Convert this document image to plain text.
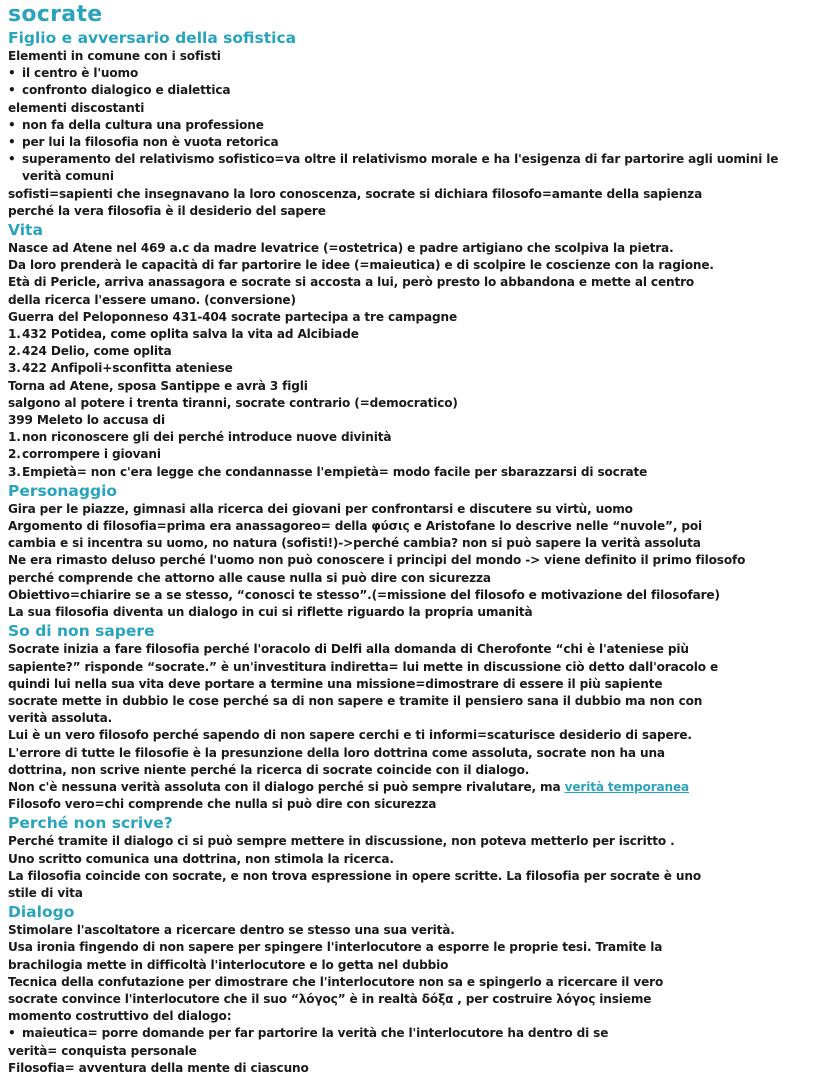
socrate
Figlio e avversario della sofistica
Elementi in comune con i sofisti
• il centro è l'uomo
• confronto dialogico e dialettica
elementi discostanti
• non fa della cultura una professione
• per lui la filosofia non è vuota retorica
• superamento del relativismo sofistico=va oltre il relativismo morale e ha l'esigenza di far partorire agli uomini le verità comuni
sofisti=sapienti che insegnavano la loro conoscenza, socrate si dichiara filosofo=amante della sapienza
perché la vera filosofia è il desiderio del sapere
Vita
Nasce ad Atene nel 469 a.c da madre levatrice (=ostetrica) e padre artigiano che scolpiva la pietra.
Da loro prenderà le capacità di far partorire le idee (=maieutica) e di scolpire le coscienze con la ragione.
Età di Pericle, arriva anassagora e socrate si accosta a lui, però presto lo abbandona e mette al centro
della ricerca l'essere umano. (conversione)
Guerra del Peloponneso 431-404 socrate partecipa a tre campagne
1. 432 Potidea, come oplita salva la vita ad Alcibiade
2. 424 Delio, come oplita
3. 422 Anfipoli+sconfitta ateniese
Torna ad Atene, sposa Santippe e avrà 3 figli
salgono al potere i trenta tiranni, socrate contrario (=democratico)
399 Meleto lo accusa di
1. non riconoscere gli dei perché introduce nuove divinità
2. corrompere i giovani
3. Empietà= non c'era legge che condannasse l'empietà= modo facile per sbarazzarsi di socrate
Personaggio
Gira per le piazze, gimnasi alla ricerca dei giovani per confrontarsi e discutere su virtù, uomo
Argomento di filosofia=prima era anassagoreo= della φύσις e Aristofane lo descrive nelle “nuvole”, poi
cambia e si incentra su uomo, no natura (sofisti!)->perché cambia? non si può sapere la verità assoluta
Ne era rimasto deluso perché l'uomo non può conoscere i principi del mondo -> viene definito il primo filosofo
perché comprende che attorno alle cause nulla si può dire con sicurezza
Obiettivo=chiarire se a se stesso, “conosci te stesso”.(=missione del filosofo e motivazione del filosofare)
La sua filosofia diventa un dialogo in cui si riflette riguardo la propria umanità
So di non sapere
Socrate inizia a fare filosofia perché l'oracolo di Delfi alla domanda di Cherofonte “chi è l'ateniese più
sapiente?” risponde “socrate.” è un'investitura indiretta= lui mette in discussione ciò detto dall'oracolo e
quindi lui nella sua vita deve portare a termine una missione=dimostrare di essere il più sapiente
socrate mette in dubbio le cose perché sa di non sapere e tramite il pensiero sana il dubbio ma non con
verità assoluta.
Lui è un vero filosofo perché sapendo di non sapere cerchi e ti informi=scaturisce desiderio di sapere.
L'errore di tutte le filosofie è la presunzione della loro dottrina come assoluta, socrate non ha una
dottrina, non scrive niente perché la ricerca di socrate coincide con il dialogo.
Non c'è nessuna verità assoluta con il dialogo perché si può sempre rivalutare, ma verità temporanea
Filosofo vero=chi comprende che nulla si può dire con sicurezza
Perché non scrive?
Perché tramite il dialogo ci si può sempre mettere in discussione, non poteva metterlo per iscritto .
Uno scritto comunica una dottrina, non stimola la ricerca.
La filosofia coincide con socrate, e non trova espressione in opere scritte. La filosofia per socrate è uno
stile di vita
Dialogo
Stimolare l'ascoltatore a ricercare dentro se stesso una sua verità.
Usa ironia fingendo di non sapere per spingere l'interlocutore a esporre le proprie tesi. Tramite la
brachilogia mette in difficoltà l'interlocutore e lo getta nel dubbio
Tecnica della confutazione per dimostrare che l'interlocutore non sa e spingerlo a ricercare il vero
socrate convince l'interlocutore che il suo “λόγος” è in realtà δόξα , per costruire λόγος insieme
momento costruttivo del dialogo:
• maieutica= porre domande per far partorire la verità che l'interlocutore ha dentro di se
verità= conquista personale
Filosofia= avventura della mente di ciascuno
